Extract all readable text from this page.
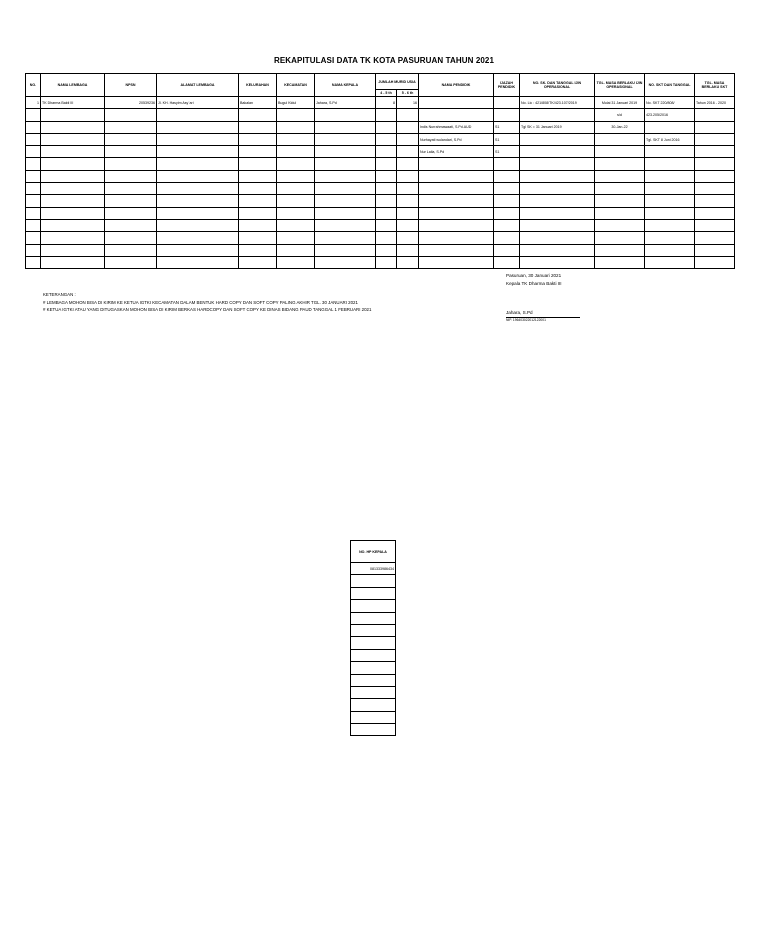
REKAPITULASI DATA TK KOTA PASURUAN TAHUN 2021
NO.	NAMA LEMBAGA	NPSN	ALAMAT LEMBAGA	KELURAHAN	KECAMATAN	NAMA KEPALA	JUMLAH MURID USIA		NAMA PENDIDIK	IJAZAH PENDIDIK	NO. SK. DAN TANGGAL IJIN OPERASIONAL	TGL. MASA BERLAKU IJIN OPERASIONAL	NO. SKT DAN TANGGAL	TGL. MASA BERLAKU SKT
							4 - 5 th	5 - 6 th						
1	TK Dharma Bakti III	20539236	Jl. KH. Hasyim Asy`ari	Bakalan	Bugul Kidul	Jahara, S.Pd	8	16			No. Lic : 421/808/TK/423.107/2019	Mulai 31 Januari 2019	No. SKT 220/808/	Tahun 2016 - 2020
												s/d	423.205/2016	
									Indis Nurrahmawaati, S.Pd.AUD	S1	Tgl SK = 31 Januari 2019	30-Jan-22		
									Nurhayati wulandari, S.Pd	S1			Tgl. SKT 8 Juni 2016	
									Nur Laila, S.Pd	S1				

KETERANGAN :
# LEMBAGA MOHON BISA DI KIRIM KE KETUA IGTKI KECAMATAN DALAM BENTUK HARD COPY DAN SOFT COPY PALING AKHIR TGL. 30 JANUARI 2021
# KETUA IGTKI ATAU YANG DITUGASKAN MOHON BISA DI KIRIM BERKAS HARDCOPY DAN SOFT COPY KE DINAS BIDANG PAUD TANGGAL 1 FEBRUARI 2021
Pasuruan, 30 Januari 2021
Kepala TK Dharma Bakti III
Jahara, S.Pd
NIP. 196403022012122001
NO. HP KEPALA
081333986434
